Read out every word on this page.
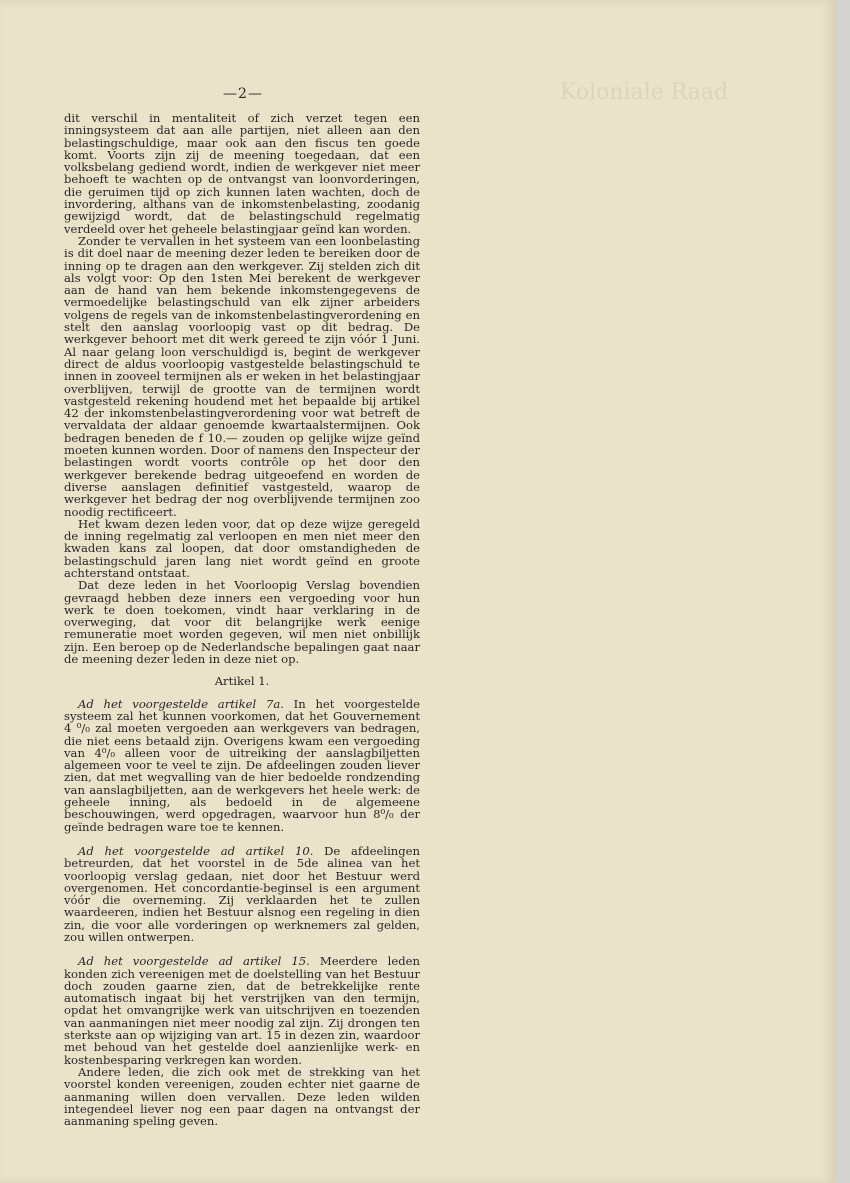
Koloniale Raad
—2—

dit verschil in mentaliteit of zich verzet tegen een inningsysteem dat aan alle partijen, niet alleen aan den belastingschuldige, maar ook aan den fiscus ten goede komt. Voorts zijn zij de meening toegedaan, dat een volksbelang gediend wordt, indien de werkgever niet meer behoeft te wachten op de ontvangst van loonvorderingen, die geruimen tijd op zich kunnen laten wachten, doch de invordering, althans van de inkomstenbelasting, zoodanig gewijzigd wordt, dat de belastingschuld regelmatig verdeeld over het geheele belastingjaar geïnd kan worden.

Zonder te vervallen in het systeem van een loonbelasting is dit doel naar de meening dezer leden te bereiken door de inning op te dragen aan den werkgever. Zij stelden zich dit als volgt voor: Op den 1sten Mei berekent de werkgever aan de hand van hem bekende inkomstengegevens de vermoedelijke belastingschuld van elk zijner arbeiders volgens de regels van de inkomstenbelastingverordening en stelt den aanslag voorloopig vast op dit bedrag. De werkgever behoort met dit werk gereed te zijn vóór 1 Juni. Al naar gelang loon verschuldigd is, begint de werkgever direct de aldus voorloopig vastgestelde belastingschuld te innen in zooveel termijnen als er weken in het belastingjaar overblijven, terwijl de grootte van de termijnen wordt vastgesteld rekening houdend met het bepaalde bij artikel 42 der inkomstenbelastingverordening voor wat betreft de vervaldata der aldaar genoemde kwartaalstermijnen. Ook bedragen beneden de f 10.— zouden op gelijke wijze geïnd moeten kunnen worden. Door of namens den Inspecteur der belastingen wordt voorts contrôle op het door den werkgever berekende bedrag uitgeoefend en worden de diverse aanslagen definitief vastgesteld, waarop de werkgever het bedrag der nog overblijvende termijnen zoo noodig rectificeert.

Het kwam dezen leden voor, dat op deze wijze geregeld de inning regelmatig zal verloopen en men niet meer den kwaden kans zal loopen, dat door omstandigheden de belastingschuld jaren lang niet wordt geïnd en groote achterstand ontstaat.

Dat deze leden in het Voorloopig Verslag bovendien gevraagd hebben deze inners een vergoeding voor hun werk te doen toekomen, vindt haar verklaring in de overweging, dat voor dit belangrijke werk eenige remuneratie moet worden gegeven, wil men niet onbillijk zijn. Een beroep op de Nederlandsche bepalingen gaat naar de meening dezer leden in deze niet op.

Artikel 1.

Ad het voorgestelde artikel 7a. In het voorgestelde systeem zal het kunnen voorkomen, dat het Gouvernement 4 ⁰/₀ zal moeten vergoeden aan werkgevers van bedragen, die niet eens betaald zijn. Overigens kwam een vergoeding van 4⁰/₀ alleen voor de uitreiking der aanslagbiljetten algemeen voor te veel te zijn. De afdeelingen zouden liever zien, dat met wegvalling van de hier bedoelde rondzending van aanslagbiljetten, aan de werkgevers het heele werk: de geheele inning, als bedoeld in de algemeene beschouwingen, werd opgedragen, waarvoor hun 8⁰/₀ der geïnde bedragen ware toe te kennen.

Ad het voorgestelde ad artikel 10. De afdeelingen betreurden, dat het voorstel in de 5de alinea van het voorloopig verslag gedaan, niet door het Bestuur werd overgenomen. Het concordantie-beginsel is een argument vóór die overneming. Zij verklaarden het te zullen waardeeren, indien het Bestuur alsnog een regeling in dien zin, die voor alle vorderingen op werknemers zal gelden, zou willen ontwerpen.

Ad het voorgestelde ad artikel 15. Meerdere leden konden zich vereenigen met de doelstelling van het Bestuur doch zouden gaarne zien, dat de betrekkelijke rente automatisch ingaat bij het verstrijken van den termijn, opdat het omvangrijke werk van uitschrijven en toezenden van aanmaningen niet meer noodig zal zijn. Zij drongen ten sterkste aan op wijziging van art. 15 in dezen zin, waardoor met behoud van het gestelde doel aanzienlijke werk- en kostenbesparing verkregen kan worden.

Andere leden, die zich ook met de strekking van het voorstel konden vereenigen, zouden echter niet gaarne de aanmaning willen doen vervallen. Deze leden wilden integendeel liever nog een paar dagen na ontvangst der aanmaning speling geven.
